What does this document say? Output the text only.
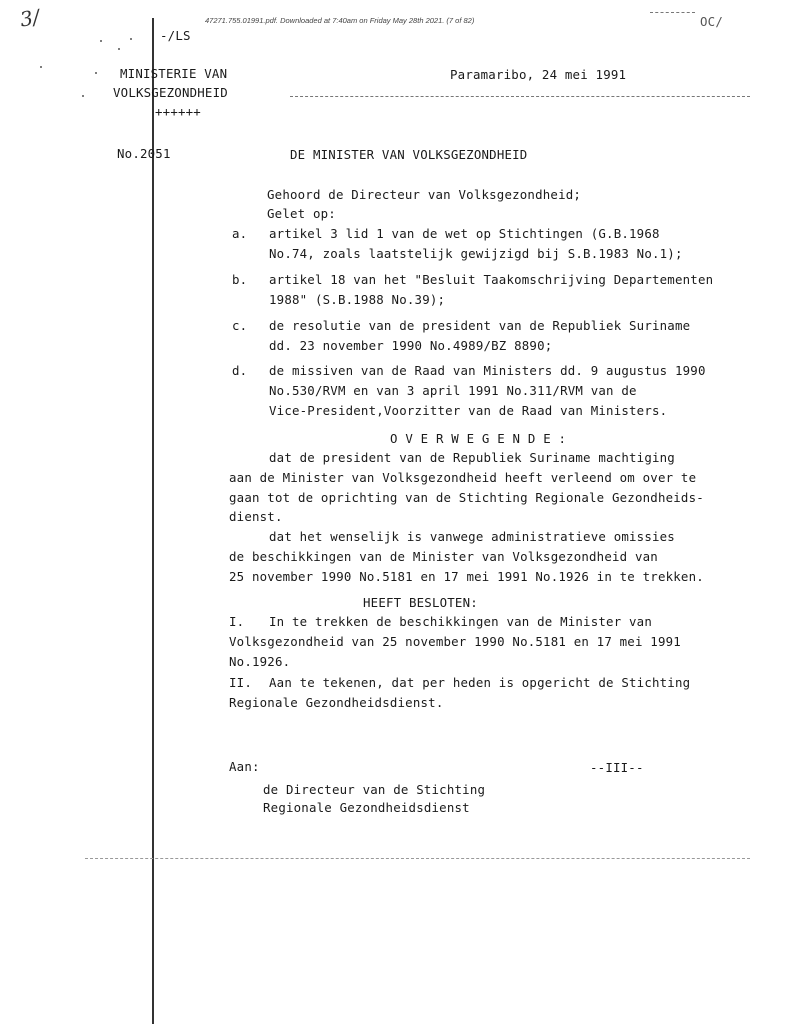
3/	47271.755.01991.pdf. Downloaded at 7:40am on Friday May 28th 2021. (7 of 82)
-/LS
OC/
MINISTERIE VAN
VOLKSGEZONDHEID
++++++
Paramaribo, 24 mei 1991
No.2051	DE MINISTER VAN VOLKSGEZONDHEID
Gehoord de Directeur van Volksgezondheid;
Gelet op:
a. artikel 3 lid 1 van de wet op Stichtingen (G.B.1968
No.74, zoals laatstelijk gewijzigd bij S.B.1983 No.1);
b. artikel 18 van het "Besluit Taakomschrijving Departementen
1988" (S.B.1988 No.39);
c. de resolutie van de president van de Republiek Suriname
dd. 23 november 1990 No.4989/BZ 8890;
d. de missiven van de Raad van Ministers dd. 9 augustus 1990
No.530/RVM en van 3 april 1991 No.311/RVM van de
Vice-President,Voorzitter van de Raad van Ministers.
O V E R W E G E N D E :
dat de president van de Republiek Suriname machtiging
aan de Minister van Volksgezondheid heeft verleend om over te
gaan tot de oprichting van de Stichting Regionale Gezondheids-
dienst.
dat het wenselijk is vanwege administratieve omissies
de beschikkingen van de Minister van Volksgezondheid van
25 november 1990 No.5181 en 17 mei 1991 No.1926 in te trekken.
HEEFT BESLOTEN:
I. In te trekken de beschikkingen van de Minister van
Volksgezondheid van 25 november 1990 No.5181 en 17 mei 1991
No.1926.
II. Aan te tekenen, dat per heden is opgericht de Stichting
Regionale Gezondheidsdienst.
Aan:	--III--
de Directeur van de Stichting
Regionale Gezondheidsdienst
